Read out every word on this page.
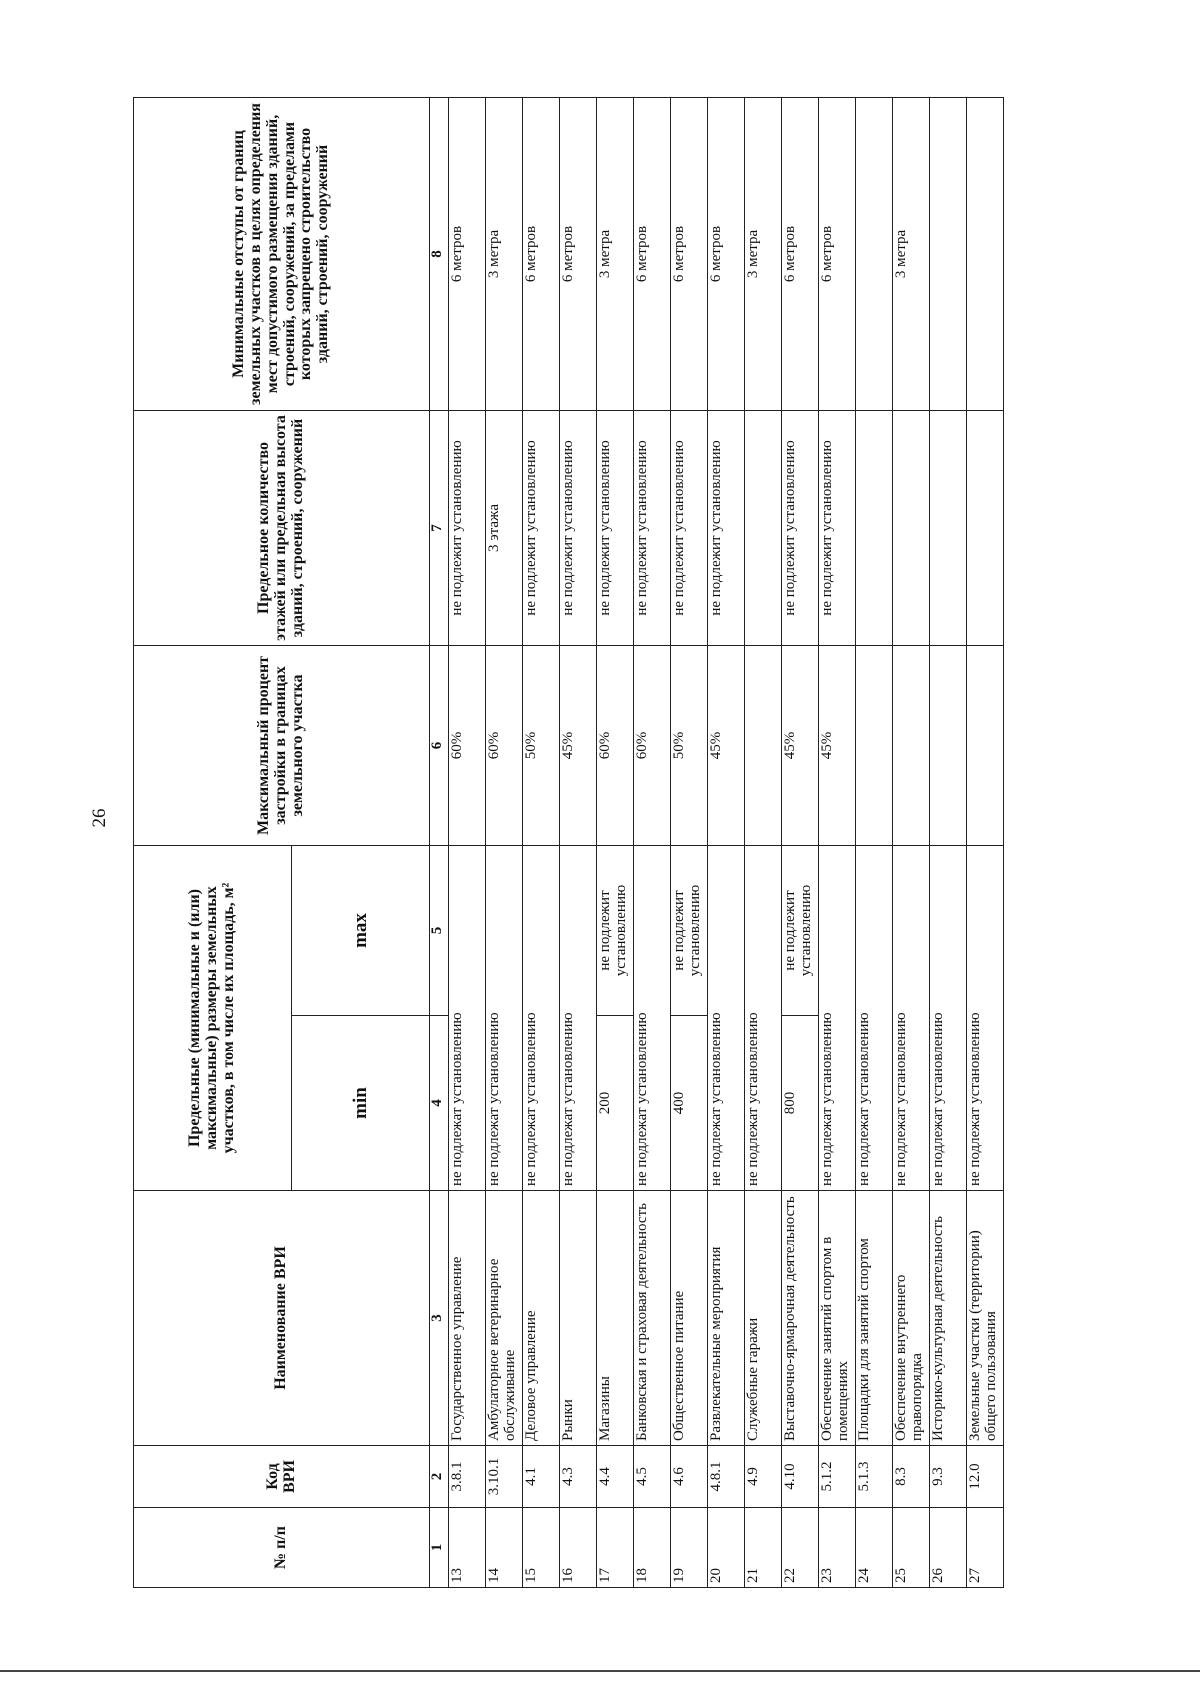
26
№ п/п	Код ВРИ	Наименование ВРИ	Предельные (минимальные и (или) максимальные) размеры земельных участков, в том числе их площадь, м²		Максимальный процент застройки в границах земельного участка	Предельное количество этажей или предельная высота зданий, строений, сооружений	Минимальные отступы от границ земельных участков в целях определения мест допустимого размещения зданий, строений, сооружений, за пределами которых запрещено строительство зданий, строений, сооружений
			min	max			
1	2	3	4	5	6	7	8
13	3.8.1	Государственное управление	не подлежат установлению		60%	не подлежит установлению	6 метров
14	3.10.1	Амбулаторное ветеринарное обслуживание	не подлежат установлению		60%	3 этажа	3 метра
15	4.1	Деловое управление	не подлежат установлению		50%	не подлежит установлению	6 метров
16	4.3	Рынки	не подлежат установлению		45%	не подлежит установлению	6 метров
17	4.4	Магазины	200	не подлежит установлению	60%	не подлежит установлению	3 метра
18	4.5	Банковская и страховая деятельность	не подлежат установлению		60%	не подлежит установлению	6 метров
19	4.6	Общественное питание	400	не подлежит установлению	50%	не подлежит установлению	6 метров
20	4.8.1	Развлекательные мероприятия	не подлежат установлению		45%	не подлежит установлению	6 метров
21	4.9	Служебные гаражи	не подлежат установлению				3 метра
22	4.10	Выставочно-ярмарочная деятельность	800	не подлежит установлению	45%	не подлежит установлению	6 метров
23	5.1.2	Обеспечение занятий спортом в помещениях	не подлежат установлению		45%	не подлежит установлению	6 метров
24	5.1.3	Площадки для занятий спортом	не подлежат установлению				
25	8.3	Обеспечение внутреннего правопорядка	не подлежат установлению				3 метра
26	9.3	Историко-культурная деятельность	не подлежат установлению				
27	12.0	Земельные участки (территории) общего пользования	не подлежат установлению				
